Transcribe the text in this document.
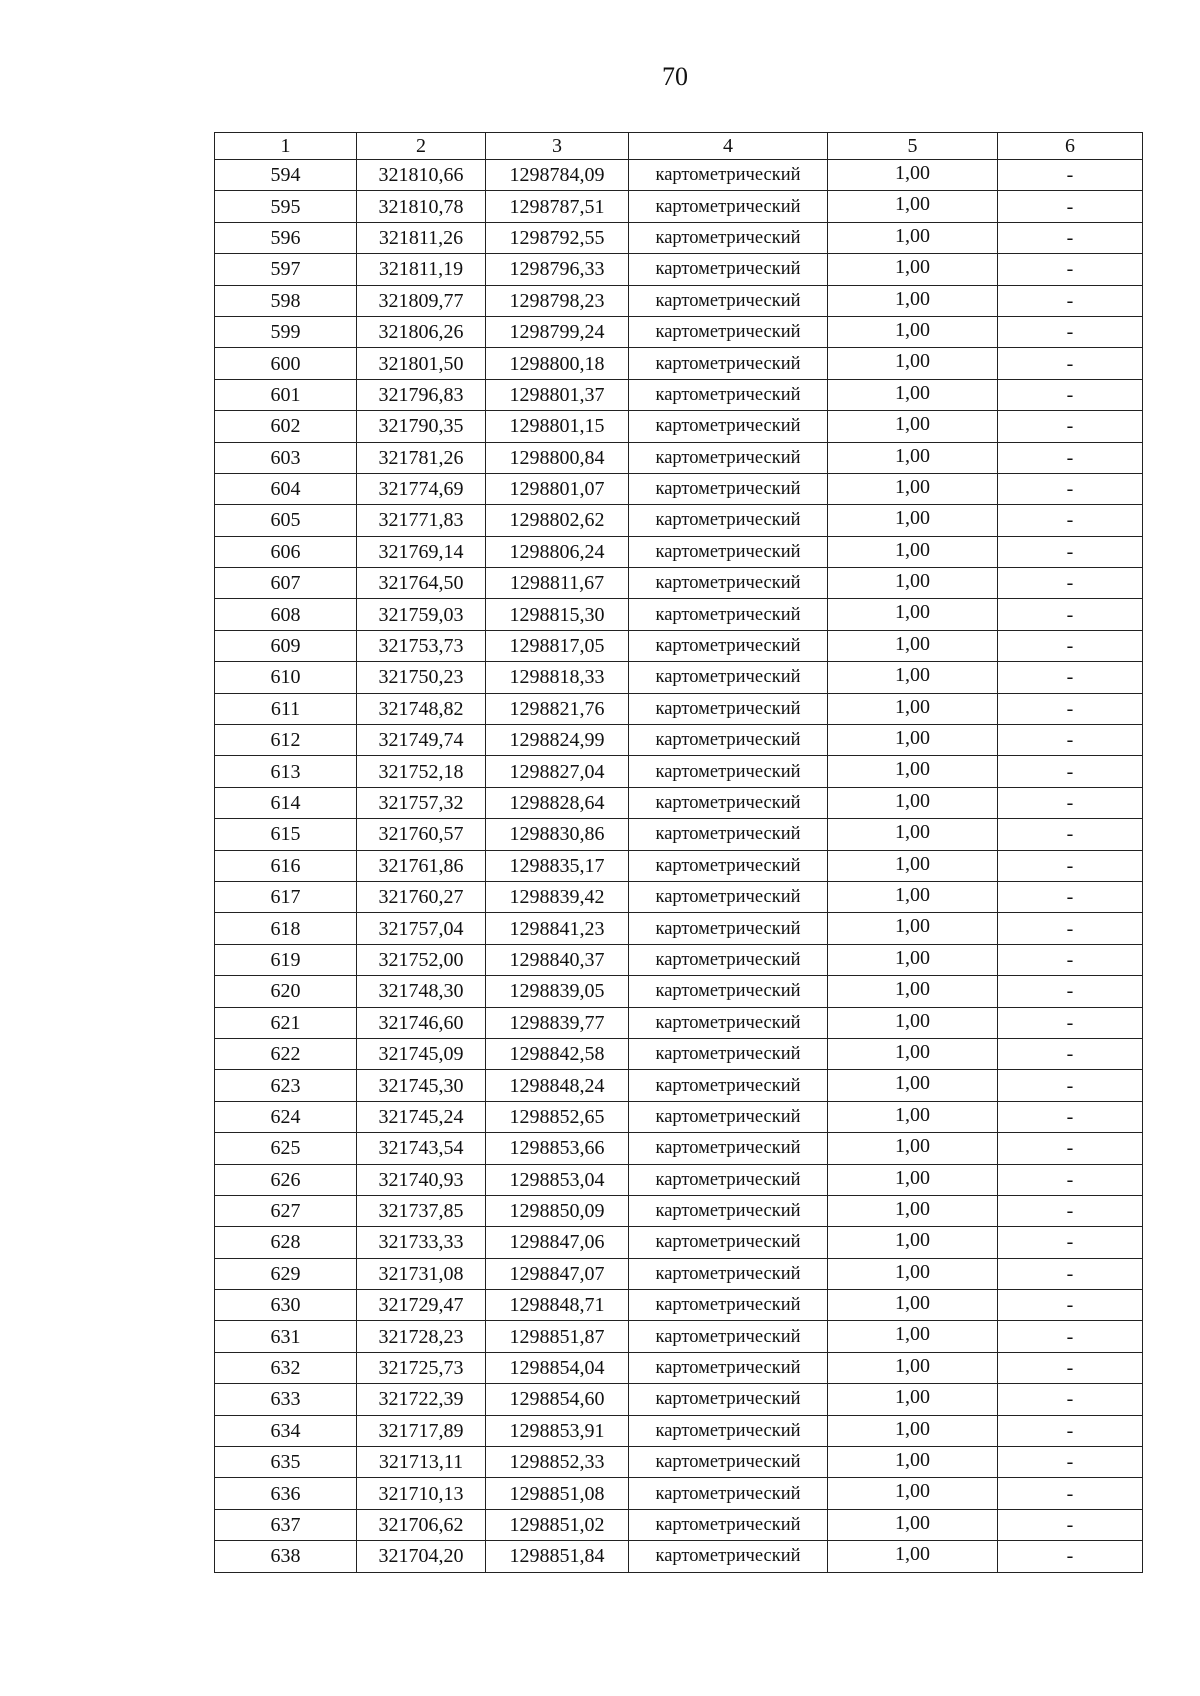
70
1	2	3	4	5	6
594	321810,66	1298784,09	картометрический	1,00	-
595	321810,78	1298787,51	картометрический	1,00	-
596	321811,26	1298792,55	картометрический	1,00	-
597	321811,19	1298796,33	картометрический	1,00	-
598	321809,77	1298798,23	картометрический	1,00	-
599	321806,26	1298799,24	картометрический	1,00	-
600	321801,50	1298800,18	картометрический	1,00	-
601	321796,83	1298801,37	картометрический	1,00	-
602	321790,35	1298801,15	картометрический	1,00	-
603	321781,26	1298800,84	картометрический	1,00	-
604	321774,69	1298801,07	картометрический	1,00	-
605	321771,83	1298802,62	картометрический	1,00	-
606	321769,14	1298806,24	картометрический	1,00	-
607	321764,50	1298811,67	картометрический	1,00	-
608	321759,03	1298815,30	картометрический	1,00	-
609	321753,73	1298817,05	картометрический	1,00	-
610	321750,23	1298818,33	картометрический	1,00	-
611	321748,82	1298821,76	картометрический	1,00	-
612	321749,74	1298824,99	картометрический	1,00	-
613	321752,18	1298827,04	картометрический	1,00	-
614	321757,32	1298828,64	картометрический	1,00	-
615	321760,57	1298830,86	картометрический	1,00	-
616	321761,86	1298835,17	картометрический	1,00	-
617	321760,27	1298839,42	картометрический	1,00	-
618	321757,04	1298841,23	картометрический	1,00	-
619	321752,00	1298840,37	картометрический	1,00	-
620	321748,30	1298839,05	картометрический	1,00	-
621	321746,60	1298839,77	картометрический	1,00	-
622	321745,09	1298842,58	картометрический	1,00	-
623	321745,30	1298848,24	картометрический	1,00	-
624	321745,24	1298852,65	картометрический	1,00	-
625	321743,54	1298853,66	картометрический	1,00	-
626	321740,93	1298853,04	картометрический	1,00	-
627	321737,85	1298850,09	картометрический	1,00	-
628	321733,33	1298847,06	картометрический	1,00	-
629	321731,08	1298847,07	картометрический	1,00	-
630	321729,47	1298848,71	картометрический	1,00	-
631	321728,23	1298851,87	картометрический	1,00	-
632	321725,73	1298854,04	картометрический	1,00	-
633	321722,39	1298854,60	картометрический	1,00	-
634	321717,89	1298853,91	картометрический	1,00	-
635	321713,11	1298852,33	картометрический	1,00	-
636	321710,13	1298851,08	картометрический	1,00	-
637	321706,62	1298851,02	картометрический	1,00	-
638	321704,20	1298851,84	картометрический	1,00	-
